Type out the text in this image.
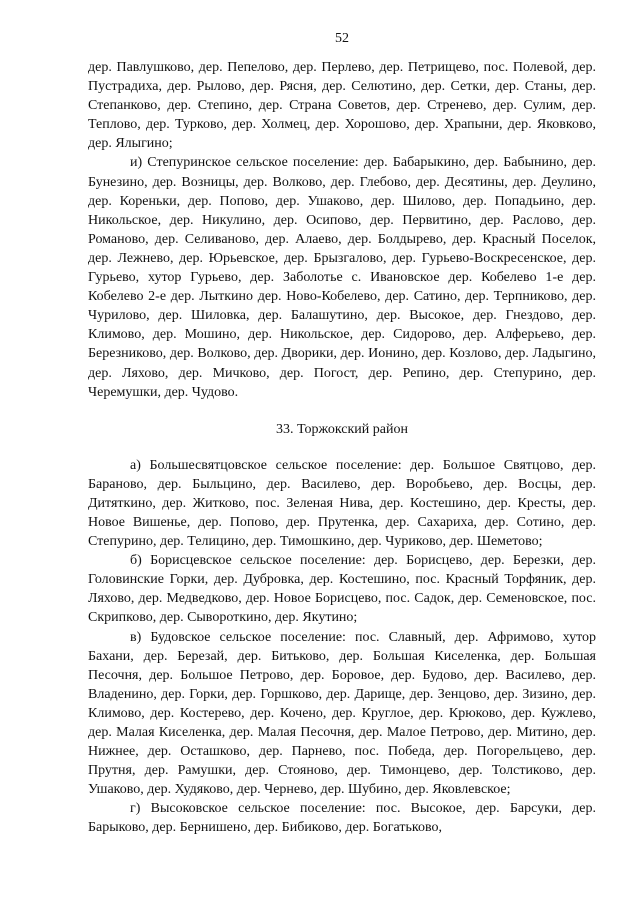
52

дер. Павлушково, дер. Пепелово, дер. Перлево, дер. Петрищево, пос. Полевой, дер. Пустрадиха, дер. Рылово, дер. Рясня, дер. Селютино, дер. Сетки, дер. Станы, дер. Степанково, дер. Степино, дер. Страна Советов, дер. Стренево, дер. Сулим, дер. Теплово, дер. Турково, дер. Холмец, дер. Хорошово, дер. Храпыни, дер. Яковково, дер. Ялыгино;

и) Степуринское сельское поселение: дер. Бабарыкино, дер. Бабынино, дер. Бунезино, дер. Возницы, дер. Волково, дер. Глебово, дер. Десятины, дер. Деулино, дер. Кореньки, дер. Попово, дер. Ушаково, дер. Шилово, дер. Попадьино, дер. Никольское, дер. Никулино, дер. Осипово, дер. Первитино, дер. Раслово, дер. Романово, дер. Селиваново, дер. Алаево, дер. Болдырево, дер. Красный Поселок, дер. Лежнево, дер. Юрьевское, дер. Брызгалово, дер. Гурьево-Воскресенское, дер. Гурьево, хутор Гурьево, дер. Заболотье с. Ивановское дер. Кобелево 1-е дер. Кобелево 2-е дер. Лыткино дер. Ново-Кобелево, дер. Сатино, дер. Терпниково, дер. Чурилово, дер. Шиловка, дер. Балашутино, дер. Высокое, дер. Гнездово, дер. Климово, дер. Мошино, дер. Никольское, дер. Сидорово, дер. Алферьево, дер. Березниково, дер. Волково, дер. Дворики, дер. Ионино, дер. Козлово, дер. Ладыгино, дер. Ляхово, дер. Мичково, дер. Погост, дер. Репино, дер. Степурино, дер. Черемушки, дер. Чудово.

33. Торжокский район

а) Большесвятцовское сельское поселение: дер. Большое Святцово, дер. Бараново, дер. Быльцино, дер. Василево, дер. Воробьево, дер. Восцы, дер. Дитяткино, дер. Житково, пос. Зеленая Нива, дер. Костешино, дер. Кресты, дер. Новое Вишенье, дер. Попово, дер. Прутенка, дер. Сахариха, дер. Сотино, дер. Степурино, дер. Телицино, дер. Тимошкино, дер. Чуриково, дер. Шеметово;

б) Борисцевское сельское поселение: дер. Борисцево, дер. Березки, дер. Головинские Горки, дер. Дубровка, дер. Костешино, пос. Красный Торфяник, дер. Ляхово, дер. Медведково, дер. Новое Борисцево, пос. Садок, дер. Семеновское, пос. Скрипково, дер. Сывороткино, дер. Якутино;

в) Будовское сельское поселение: пос. Славный, дер. Афримово, хутор Бахани, дер. Березай, дер. Битьково, дер. Большая Киселенка, дер. Большая Песочня, дер. Большое Петрово, дер. Боровое, дер. Будово, дер. Василево, дер. Владенино, дер. Горки, дер. Горшково, дер. Дарище, дер. Зенцово, дер. Зизино, дер. Климово, дер. Костерево, дер. Кочено, дер. Круглое, дер. Крюково, дер. Кужлево, дер. Малая Киселенка, дер. Малая Песочня, дер. Малое Петрово, дер. Митино, дер. Нижнее, дер. Осташково, дер. Парнево, пос. Победа, дер. Погорельцево, дер. Прутня, дер. Рамушки, дер. Стояново, дер. Тимонцево, дер. Толстиково, дер. Ушаково, дер. Худяково, дер. Чернево, дер. Шубино, дер. Яковлевское;

г) Высоковское сельское поселение: пос. Высокое, дер. Барсуки, дер. Барыково, дер. Бернишено, дер. Бибиково, дер. Богатьково,
